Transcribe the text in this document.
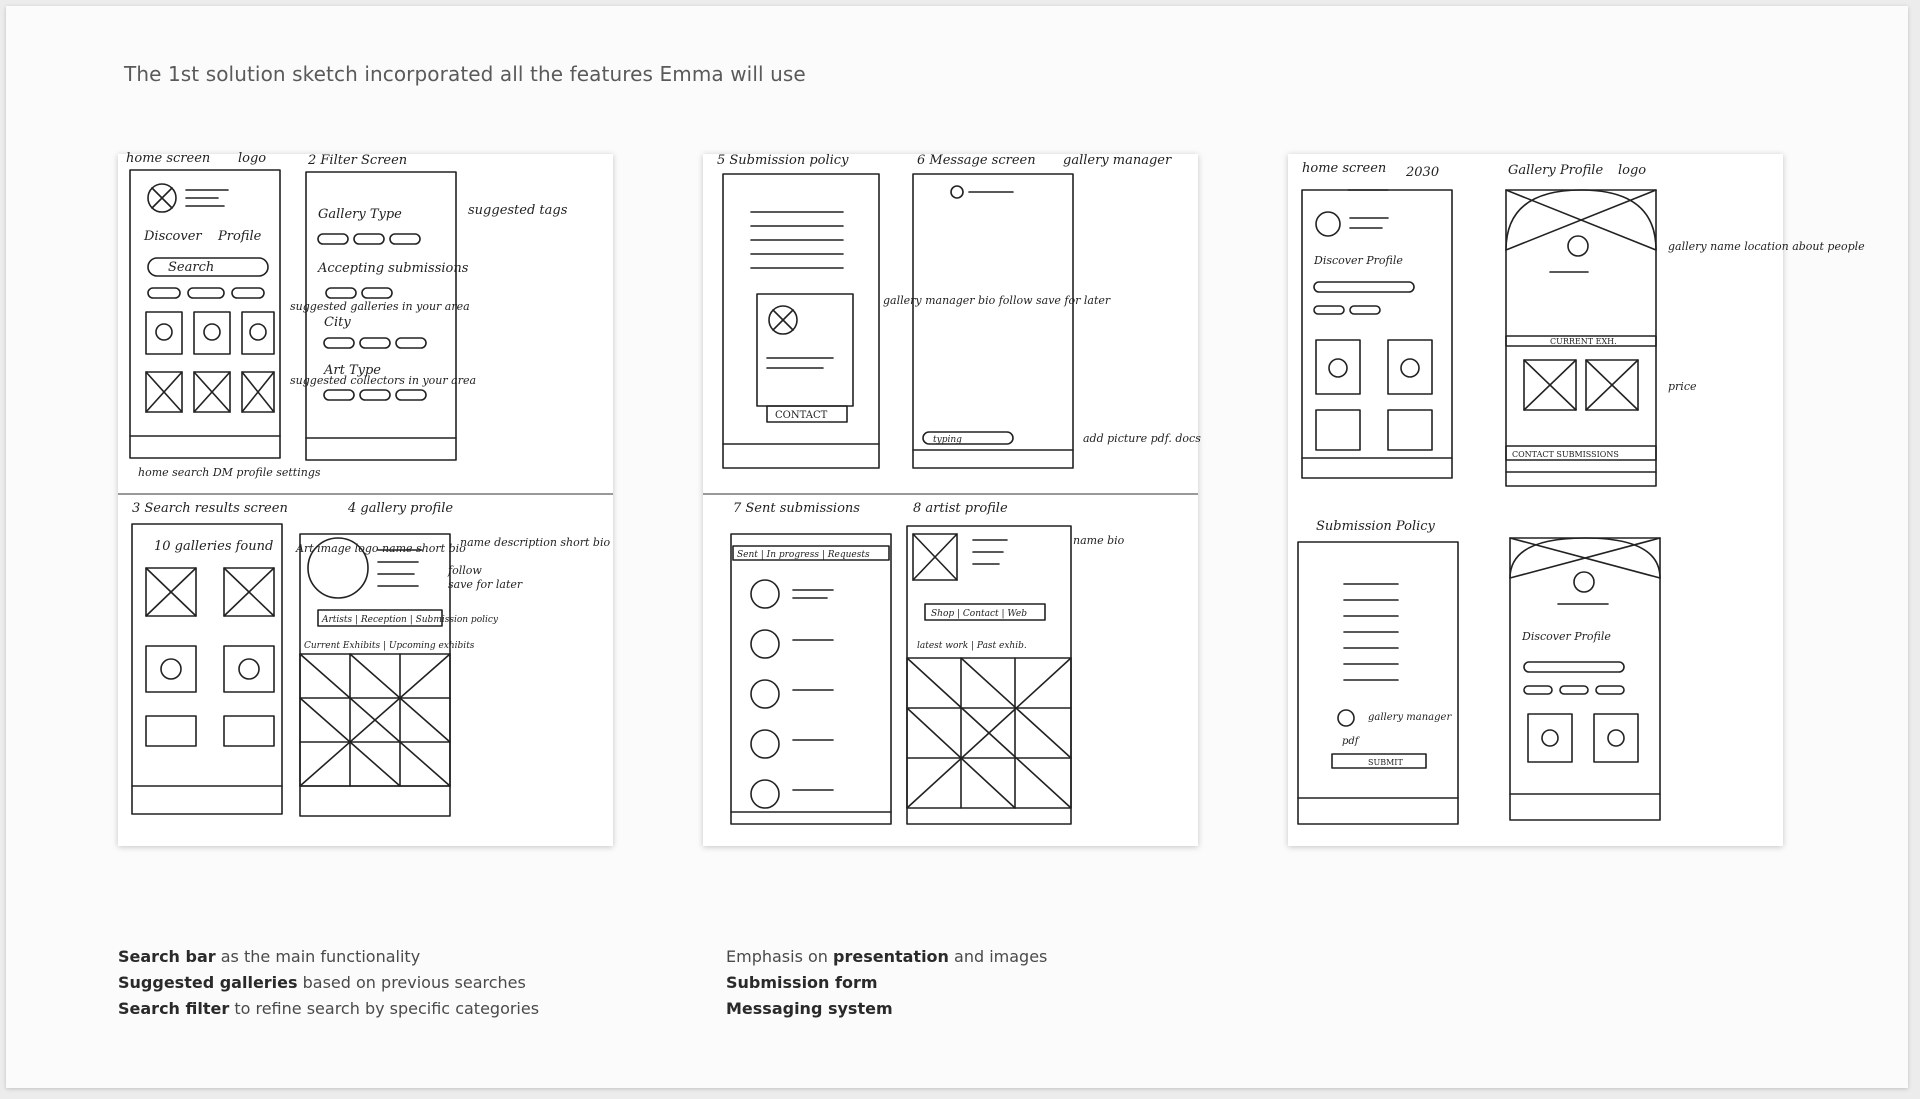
The 1st solution sketch incorporated all the features Emma will use
home screen logo
Discover Profile
Search
suggested galleries in your area
suggested collectors in your area
home search DM profile settings
2 Filter Screen
Gallery Type	suggested tags
Accepting submissions
City
Art Type
3 Search results screen
10 galleries found Art image logo name short bio
4 gallery profile
name description short bio
follow
save for later
Artists | Reception | Submission policy
Current Exhibits | Upcoming exhibits
5 Submission policy
CONTACT
gallery manager bio follow save for later
6 Message screen gallery manager
typing	add picture pdf. docs
7 Sent submissions
Sent | In progress | Requests
8 artist profile
name bio
Shop | Contact | Web
latest work | Past exhib.
home screen 2030
Discover Profile
Gallery Profile logo
gallery name location about people
CURRENT EXH.
price
CONTACT SUBMISSIONS
Submission Policy
gallery manager
pdf
SUBMIT
Discover Profile
Search bar as the main functionality
Suggested galleries based on previous searches
Search filter to refine search by specific categories
Emphasis on presentation and images
Submission form
Messaging system
